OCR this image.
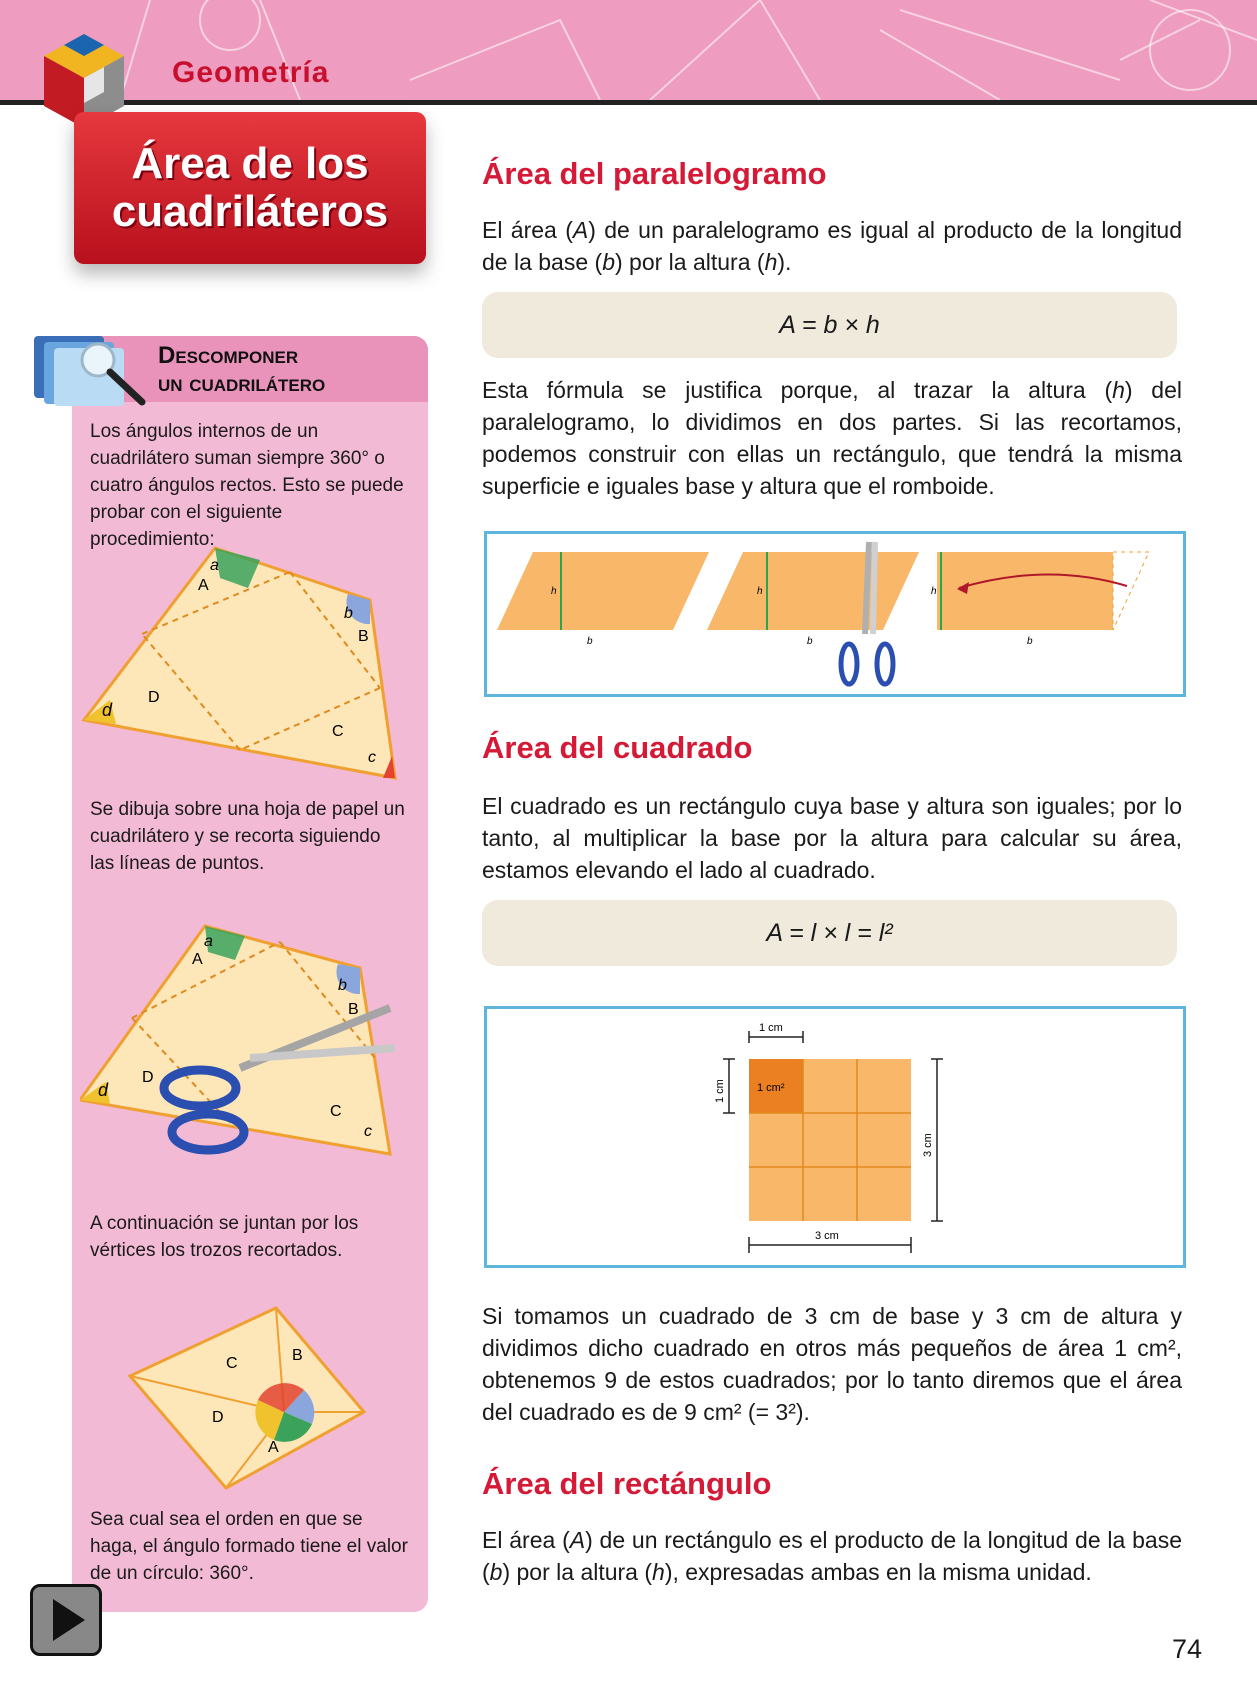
Geometría
Área de los
cuadriláteros
Descomponer
un cuadrilátero
Los ángulos internos de un cuadrilátero suman siempre 360° o cuatro ángulos rectos. Esto se puede probar con el siguiente procedimiento:
A
B
C
D
a
b
c
d
Se dibuja sobre una hoja de papel un cuadrilátero y se recorta siguiendo las líneas de puntos.
A
B
C
D
a
b
c
d
A continuación se juntan por los vértices los trozos recortados.
C	B
D
A
Sea cual sea el orden en que se haga, el ángulo formado tiene el valor de un círculo: 360°.
Área del paralelogramo
El área (A) de un paralelogramo es igual al producto de la longitud de la base (b) por la altura (h).
A = b × h
Esta fórmula se justifica porque, al trazar la altura (h) del paralelogramo, lo dividimos en dos partes. Si las recortamos, podemos construir con ellas un rectángulo, que tendrá la misma superficie e iguales base y altura que el romboide.
h
b
h
b
h
b
Área del cuadrado
El cuadrado es un rectángulo cuya base y altura son iguales; por lo tanto, al multiplicar la base por la altura para calcular su área, estamos elevando el lado al cuadrado.
A = l × l = l²
1 cm
1 cm	1 cm²
3 cm
3 cm
Si tomamos un cuadrado de 3 cm de base y 3 cm de altura y dividimos dicho cuadrado en otros más pequeños de área 1 cm², obtenemos 9 de estos cuadrados; por lo tanto diremos que el área del cuadrado es de 9 cm² (= 3²).
Área del rectángulo
El área (A) de un rectángulo es el producto de la longitud de la base (b) por la altura (h), expresadas ambas en la misma unidad.
74
